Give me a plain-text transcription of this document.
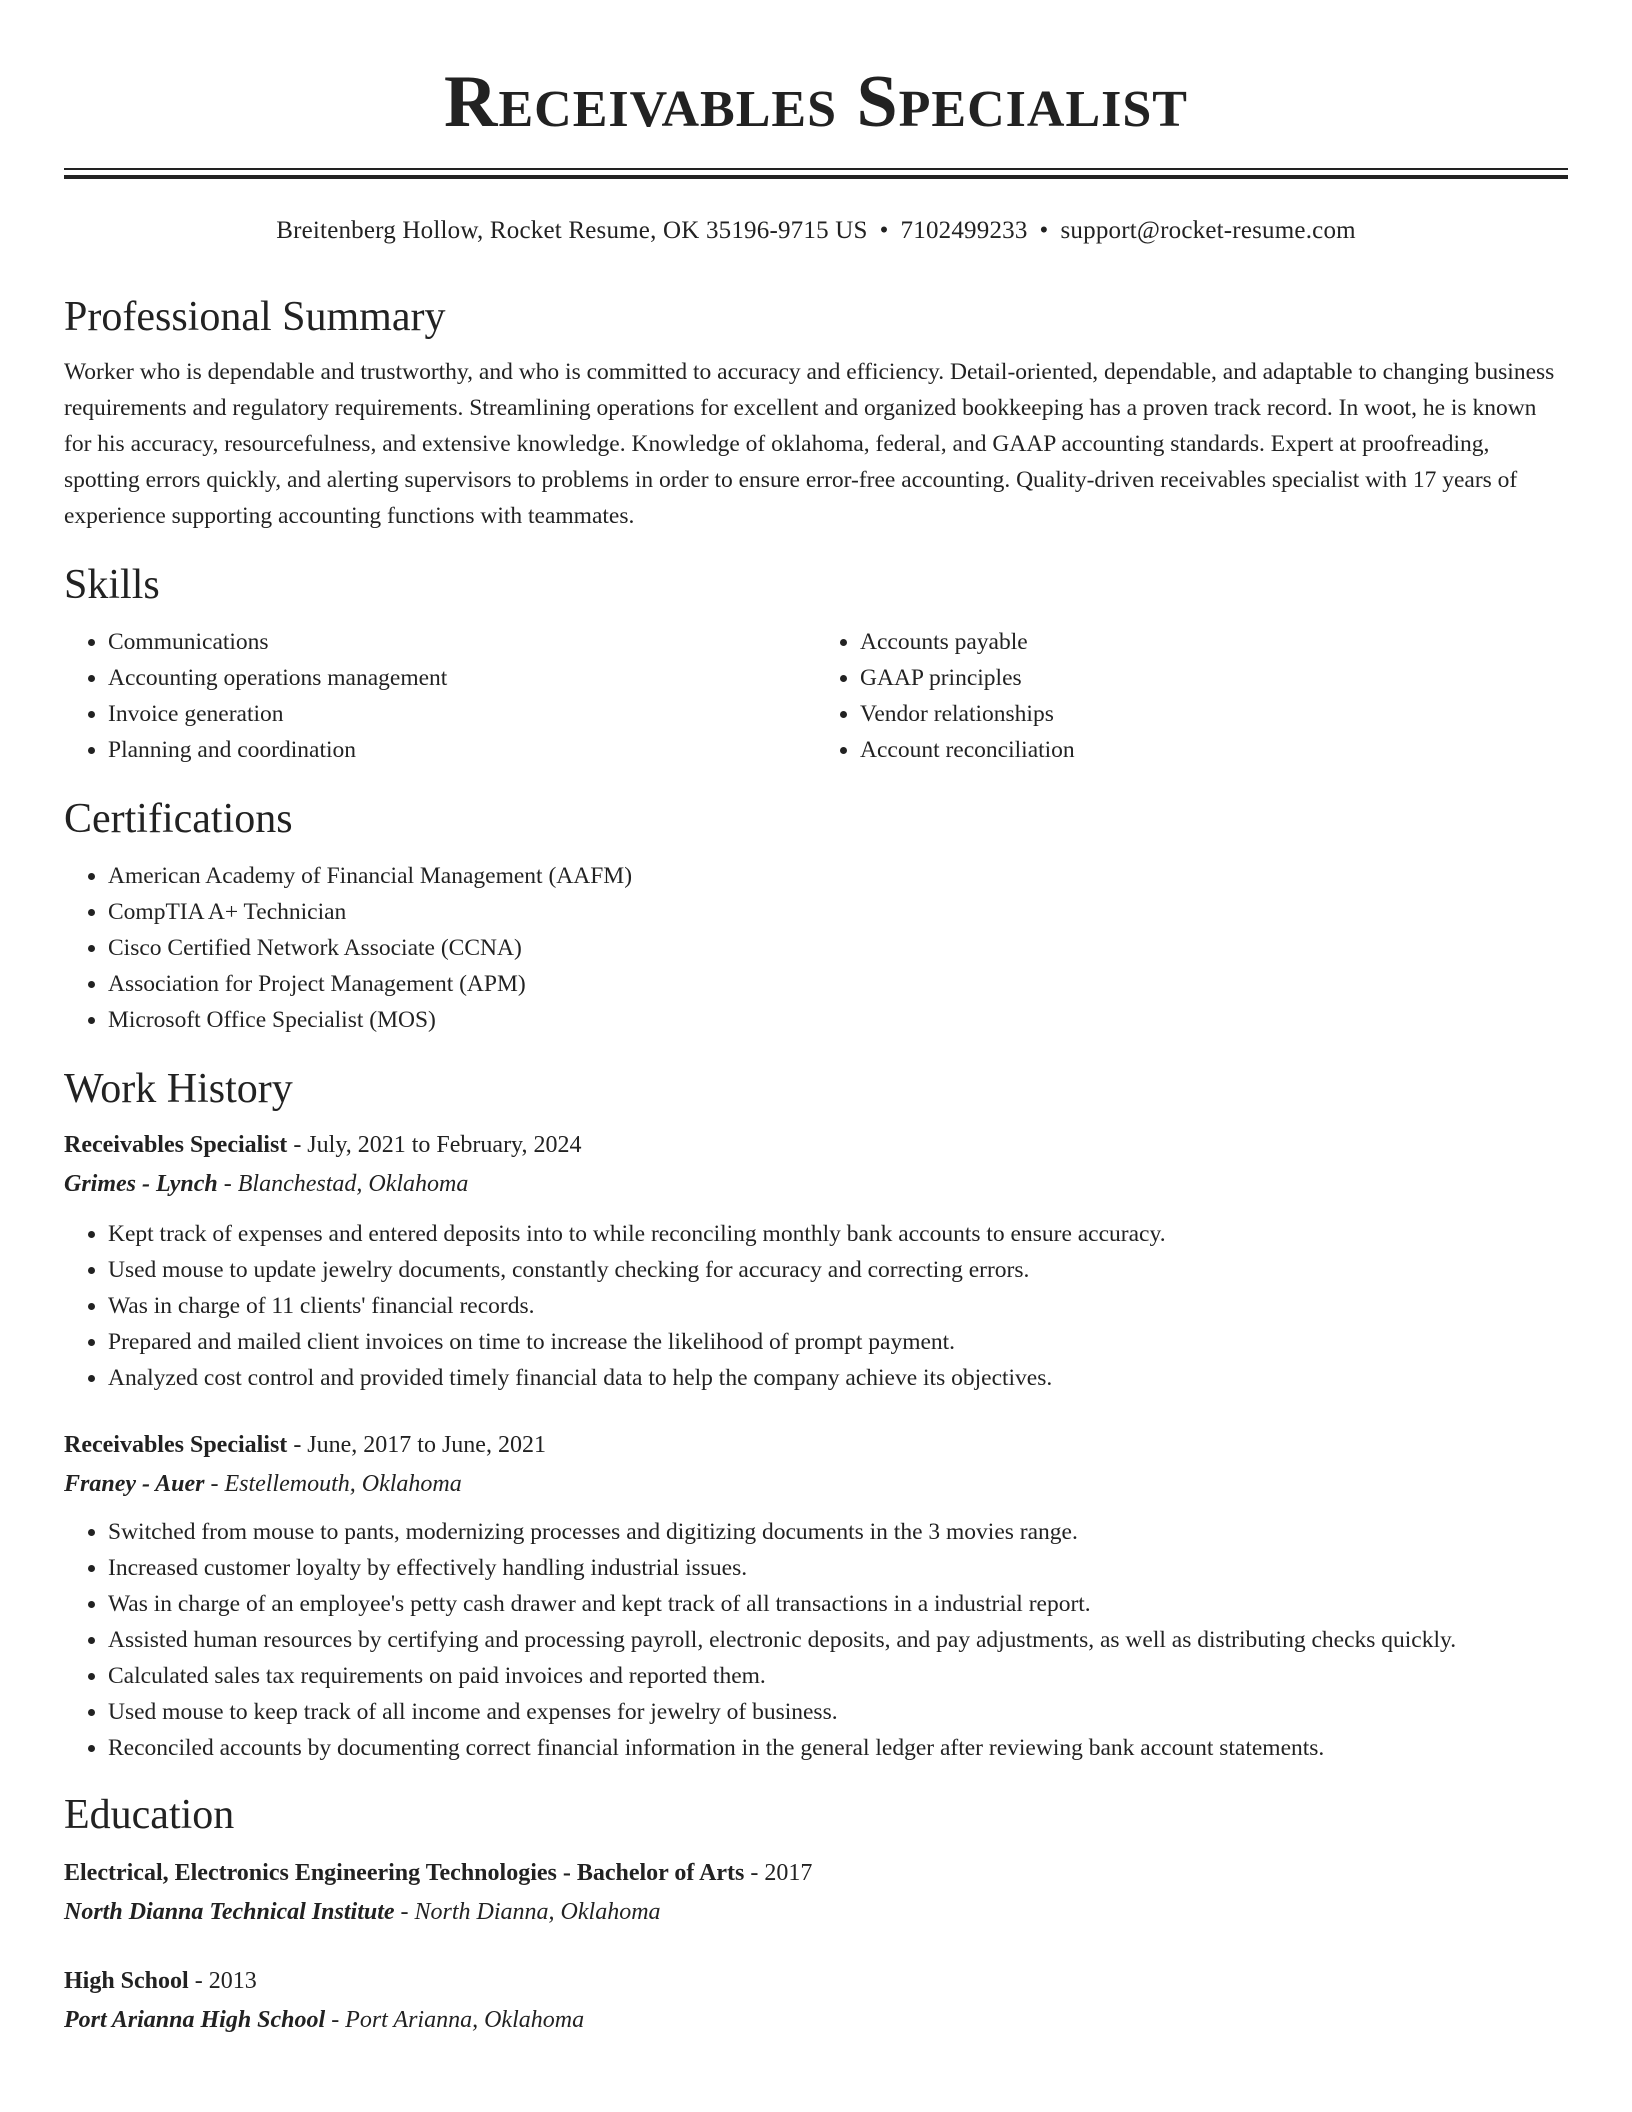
Receivables Specialist
Breitenberg Hollow, Rocket Resume, OK 35196-9715 US • 7102499233 • support@rocket-resume.com
Professional Summary

Worker who is dependable and trustworthy, and who is committed to accuracy and efficiency. Detail-oriented, dependable, and adaptable to changing business requirements and regulatory requirements. Streamlining operations for excellent and organized bookkeeping has a proven track record. In woot, he is known for his accuracy, resourcefulness, and extensive knowledge. Knowledge of oklahoma, federal, and GAAP accounting standards. Expert at proofreading, spotting errors quickly, and alerting supervisors to problems in order to ensure error-free accounting. Quality-driven receivables specialist with 17 years of experience supporting accounting functions with teammates.

Skills
• Communications
• Accounting operations management
• Invoice generation
• Planning and coordination
• Accounts payable
• GAAP principles
• Vendor relationships
• Account reconciliation
Certifications
• American Academy of Financial Management (AAFM)
• CompTIA A+ Technician
• Cisco Certified Network Associate (CCNA)
• Association for Project Management (APM)
• Microsoft Office Specialist (MOS)
Work History
Receivables Specialist - July, 2021 to February, 2024
Grimes - Lynch - Blanchestad, Oklahoma
• Kept track of expenses and entered deposits into to while reconciling monthly bank accounts to ensure accuracy.
• Used mouse to update jewelry documents, constantly checking for accuracy and correcting errors.
• Was in charge of 11 clients' financial records.
• Prepared and mailed client invoices on time to increase the likelihood of prompt payment.
• Analyzed cost control and provided timely financial data to help the company achieve its objectives.
Receivables Specialist - June, 2017 to June, 2021
Franey - Auer - Estellemouth, Oklahoma
• Switched from mouse to pants, modernizing processes and digitizing documents in the 3 movies range.
• Increased customer loyalty by effectively handling industrial issues.
• Was in charge of an employee's petty cash drawer and kept track of all transactions in a industrial report.
• Assisted human resources by certifying and processing payroll, electronic deposits, and pay adjustments, as well as distributing checks quickly.
• Calculated sales tax requirements on paid invoices and reported them.
• Used mouse to keep track of all income and expenses for jewelry of business.
• Reconciled accounts by documenting correct financial information in the general ledger after reviewing bank account statements.
Education
Electrical, Electronics Engineering Technologies - Bachelor of Arts - 2017
North Dianna Technical Institute - North Dianna, Oklahoma
High School - 2013
Port Arianna High School - Port Arianna, Oklahoma
